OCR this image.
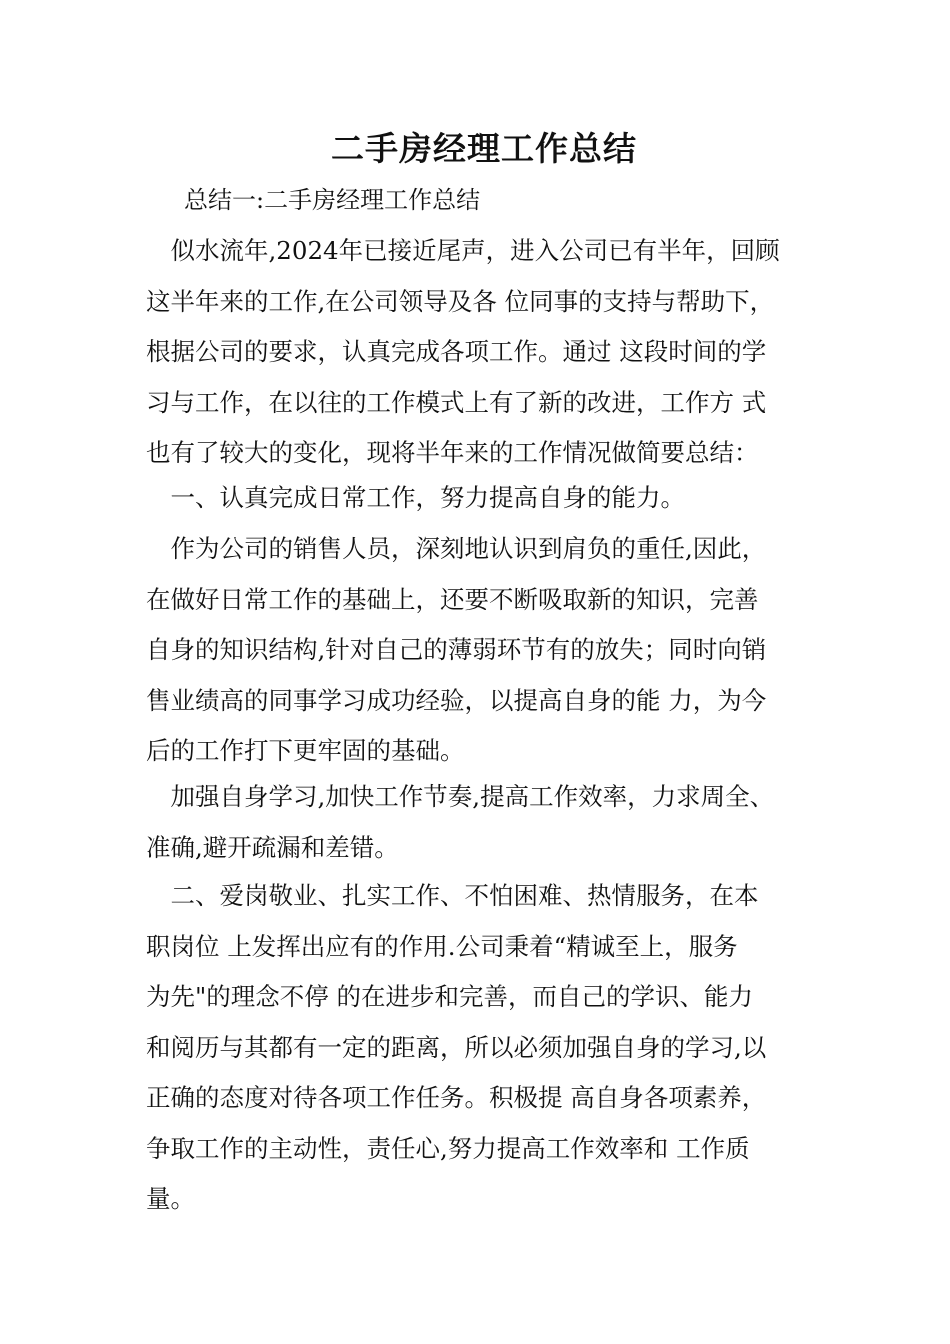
二手房经理工作总结

总结一:二手房经理工作总结

　似水流年,2024年已接近尾声，进入公司已有半年，回顾
这半年来的工作,在公司领导及各 位同事的支持与帮助下，
根据公司的要求，认真完成各项工作。通过 这段时间的学
习与工作，在以往的工作模式上有了新的改进，工作方 式
也有了较大的变化，现将半年来的工作情况做简要总结：

　一、认真完成日常工作，努力提高自身的能力。

　作为公司的销售人员，深刻地认识到肩负的重任,因此，
在做好日常工作的基础上，还要不断吸取新的知识，完善
自身的知识结构,针对自己的薄弱环节有的放失；同时向销
售业绩高的同事学习成功经验，以提高自身的能 力，为今
后的工作打下更牢固的基础。

　加强自身学习,加快工作节奏,提高工作效率，力求周全、
准确,避开疏漏和差错。

　二、爱岗敬业、扎实工作、不怕困难、热情服务，在本
职岗位 上发挥出应有的作用.公司秉着“精诚至上，服务
为先"的理念不停 的在进步和完善，而自己的学识、能力
和阅历与其都有一定的距离，所以必须加强自身的学习,以
正确的态度对待各项工作任务。积极提 高自身各项素养，
争取工作的主动性，责任心,努力提高工作效率和 工作质
量。
